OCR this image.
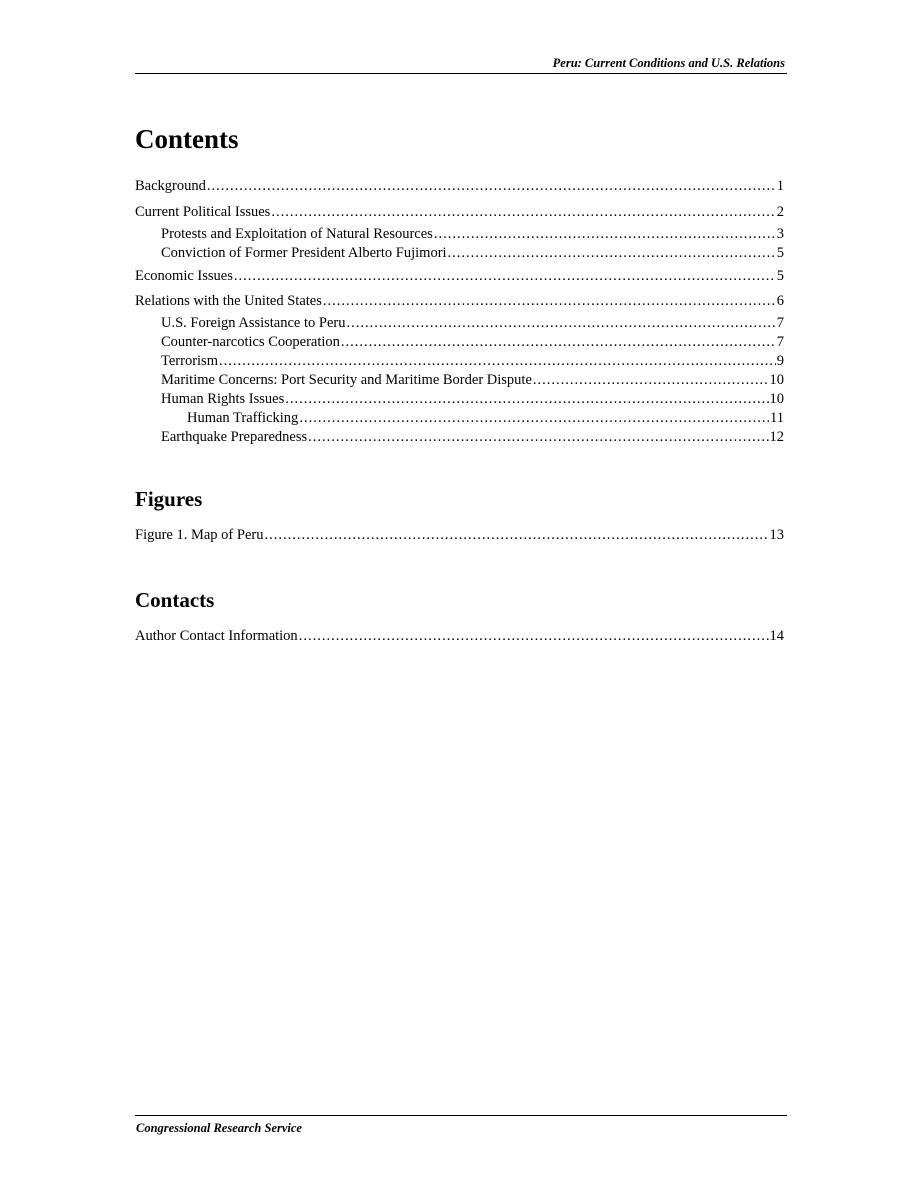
Peru: Current Conditions and U.S. Relations
Contents
Background .....	1
Current Political Issues .....	2
Protests and Exploitation of Natural Resources .....	3
Conviction of Former President Alberto Fujimori .....	5
Economic Issues .....	5
Relations with the United States .....	6
U.S. Foreign Assistance to Peru .....	7
Counter-narcotics Cooperation .....	7
Terrorism .....	9
Maritime Concerns: Port Security and Maritime Border Dispute .....	10
Human Rights Issues .....	10
Human Trafficking .....	11
Earthquake Preparedness .....	12
Figures
Figure 1. Map of Peru .....	13
Contacts
Author Contact Information .....	14
Congressional Research Service
